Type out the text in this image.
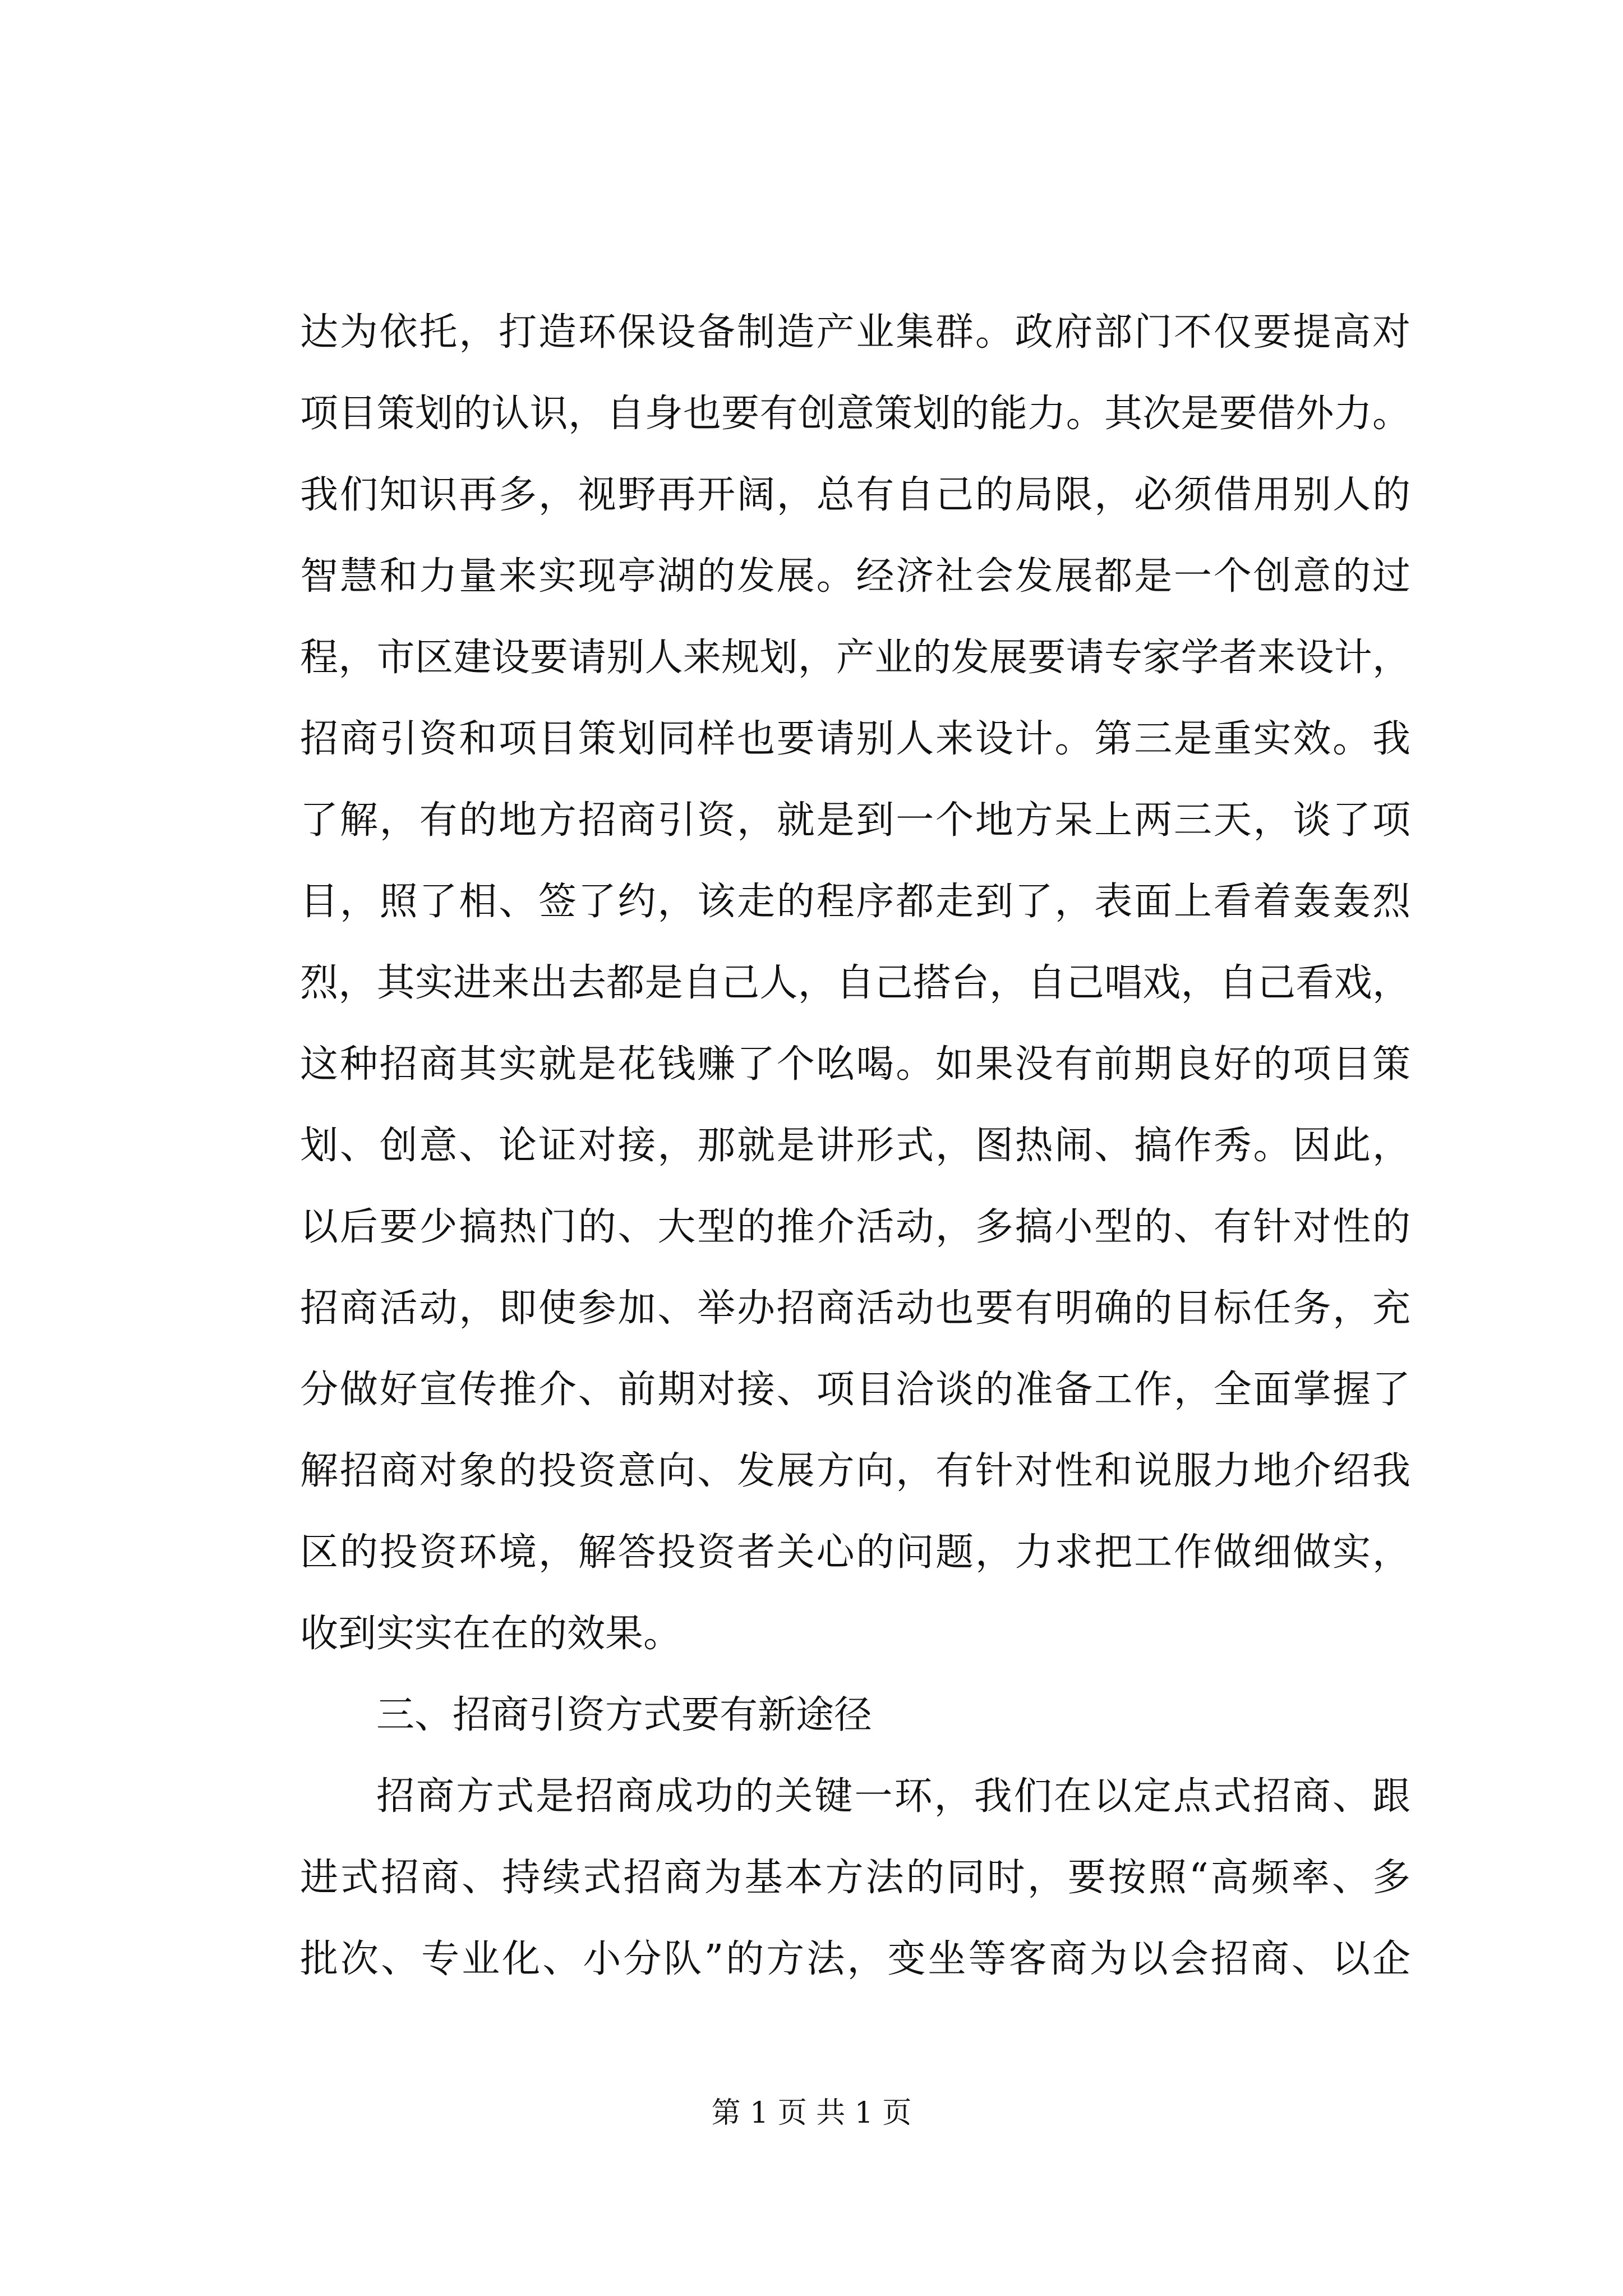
达为依托，打造环保设备制造产业集群。政府部门不仅要提高对
项目策划的认识，自身也要有创意策划的能力。其次是要借外力。
我们知识再多，视野再开阔，总有自己的局限，必须借用别人的
智慧和力量来实现亭湖的发展。经济社会发展都是一个创意的过
程，市区建设要请别人来规划，产业的发展要请专家学者来设计，
招商引资和项目策划同样也要请别人来设计。第三是重实效。我
了解，有的地方招商引资，就是到一个地方呆上两三天，谈了项
目，照了相、签了约，该走的程序都走到了，表面上看着轰轰烈
烈，其实进来出去都是自己人，自己搭台，自己唱戏，自己看戏，
这种招商其实就是花钱赚了个吆喝。如果没有前期良好的项目策
划、创意、论证对接，那就是讲形式，图热闹、搞作秀。因此，
以后要少搞热门的、大型的推介活动，多搞小型的、有针对性的
招商活动，即使参加、举办招商活动也要有明确的目标任务，充
分做好宣传推介、前期对接、项目洽谈的准备工作，全面掌握了
解招商对象的投资意向、发展方向，有针对性和说服力地介绍我
区的投资环境，解答投资者关心的问题，力求把工作做细做实，
收到实实在在的效果。
三、招商引资方式要有新途径
招商方式是招商成功的关键一环，我们在以定点式招商、跟
进式招商、持续式招商为基本方法的同时，要按照“高频率、多
批次、专业化、小分队”的方法，变坐等客商为以会招商、以企
第 1 页 共 1 页
